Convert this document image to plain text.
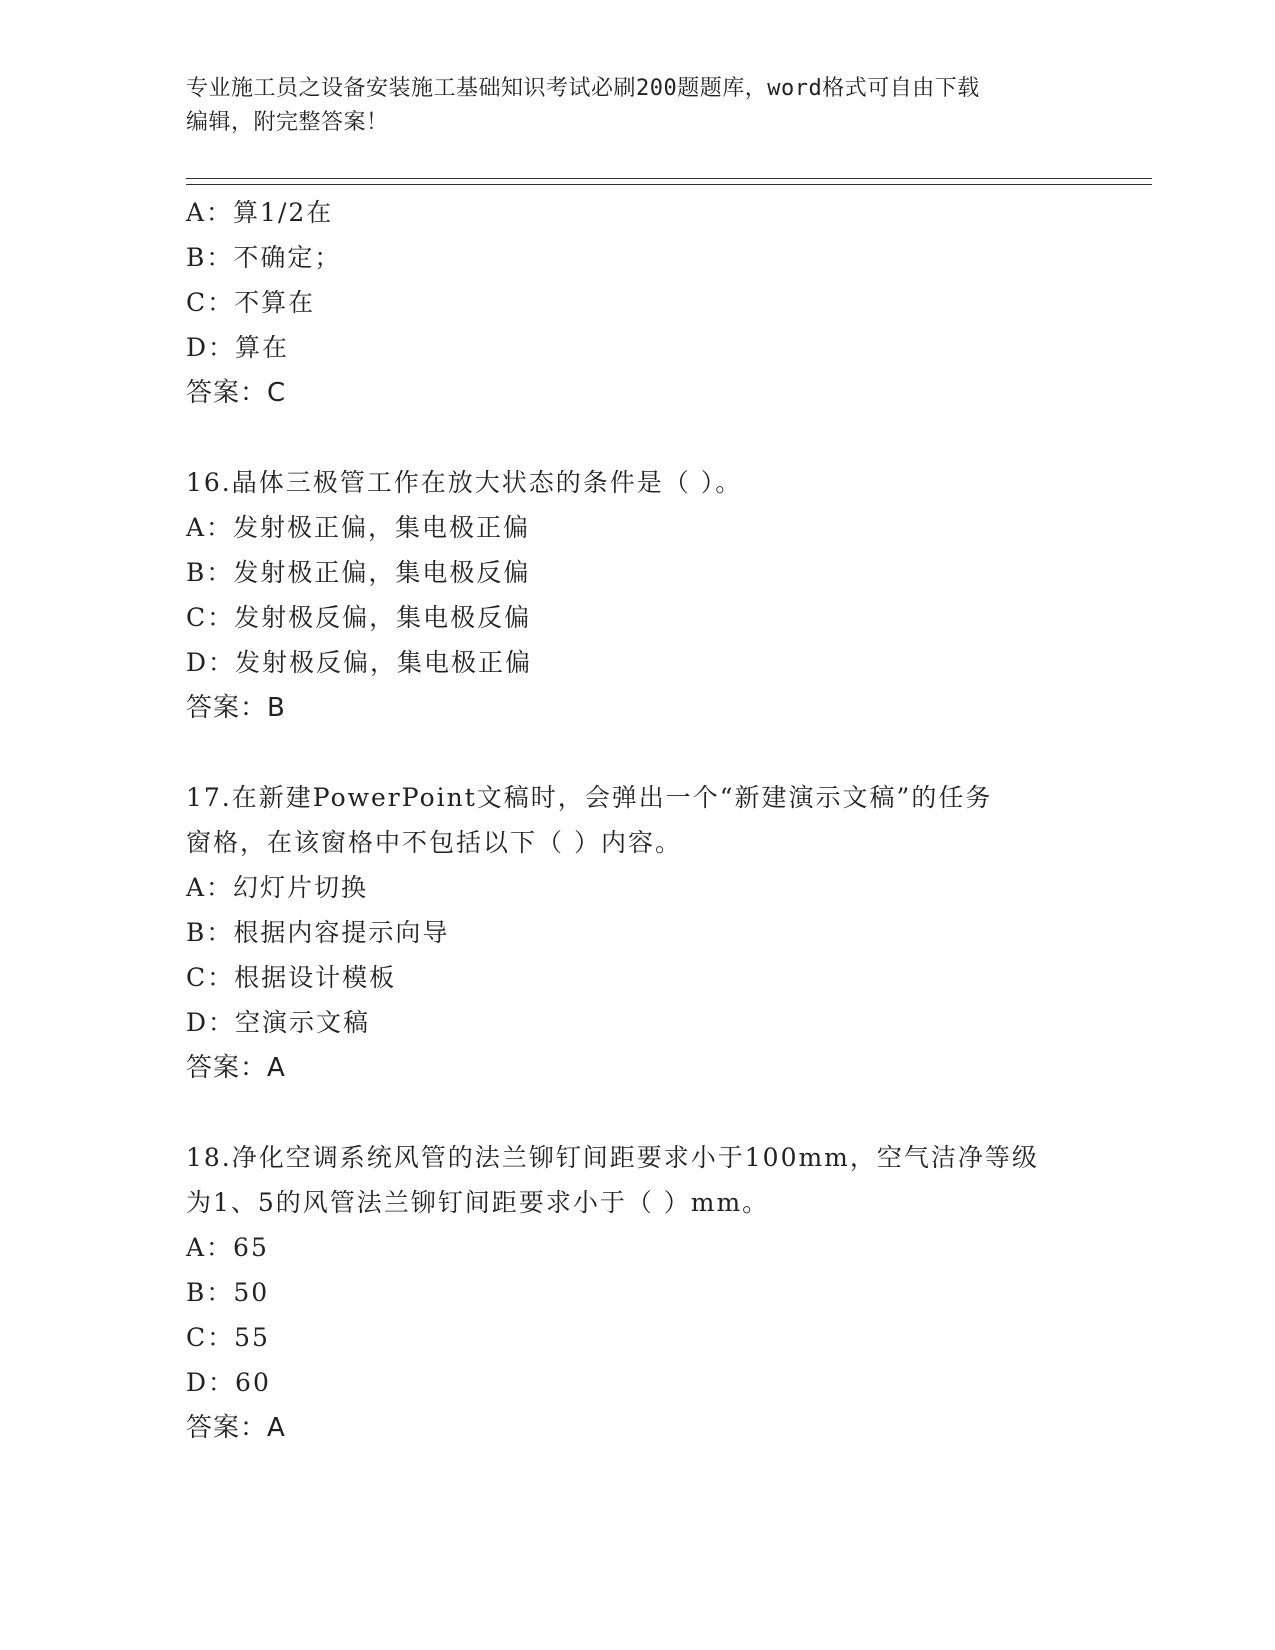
专业施工员之设备安装施工基础知识考试必刷200题题库，word格式可自由下载
编辑，附完整答案！
A：算1/2在
B：不确定；
C：不算在
D：算在
答案：C
16.晶体三极管工作在放大状态的条件是（ ）。
A：发射极正偏，集电极正偏
B：发射极正偏，集电极反偏
C：发射极反偏，集电极反偏
D：发射极反偏，集电极正偏
答案：B
17.在新建PowerPoint文稿时，会弹出一个“新建演示文稿”的任务
窗格，在该窗格中不包括以下（ ）内容。
A：幻灯片切换
B：根据内容提示向导
C：根据设计模板
D：空演示文稿
答案：A
18.净化空调系统风管的法兰铆钉间距要求小于100mm，空气洁净等级
为1、5的风管法兰铆钉间距要求小于（ ）mm。
A：65
B：50
C：55
D：60
答案：A
